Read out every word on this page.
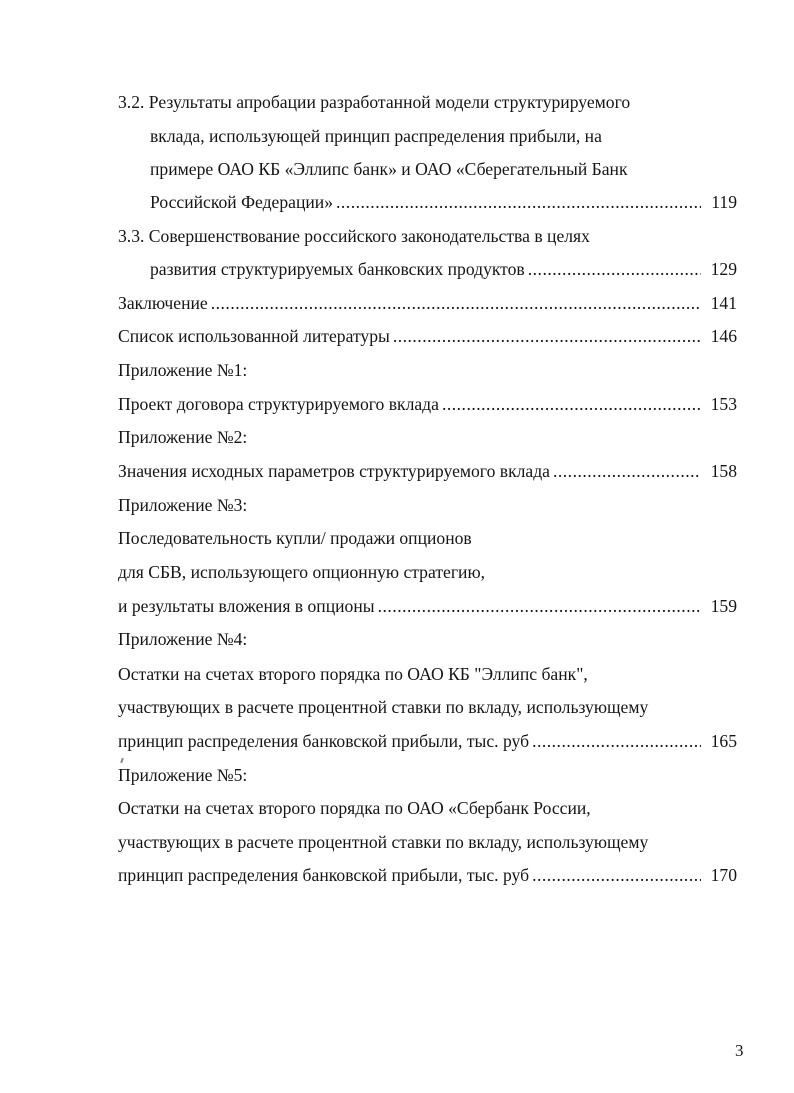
3.2. Результаты апробации разработанной модели структурируемого
вклада, использующей принцип распределения прибыли, на
примере ОАО КБ «Эллипс банк» и ОАО «Сберегательный Банк
Российской Федерации» .....	119
3.3. Совершенствование российского законодательства в целях
развития структурируемых банковских продуктов .....	129
Заключение .....	141
Список использованной литературы .....	146
Приложение №1:
Проект договора структурируемого вклада .....	153
Приложение №2:
Значения исходных параметров структурируемого вклада .....	158
Приложение №3:
Последовательность купли/ продажи опционов
для СБВ, использующего опционную стратегию,
и результаты вложения в опционы .....	159
Приложение №4:
Остатки на счетах второго порядка по ОАО КБ "Эллипс банк",
участвующих в расчете процентной ставки по вкладу, использующему
принцип распределения банковской прибыли, тыс. руб .....	165
Приложение №5:
Остатки на счетах второго порядка по ОАО «Сбербанк России,
участвующих в расчете процентной ставки по вкладу, использующему
принцип распределения банковской прибыли, тыс. руб .....	170
3
